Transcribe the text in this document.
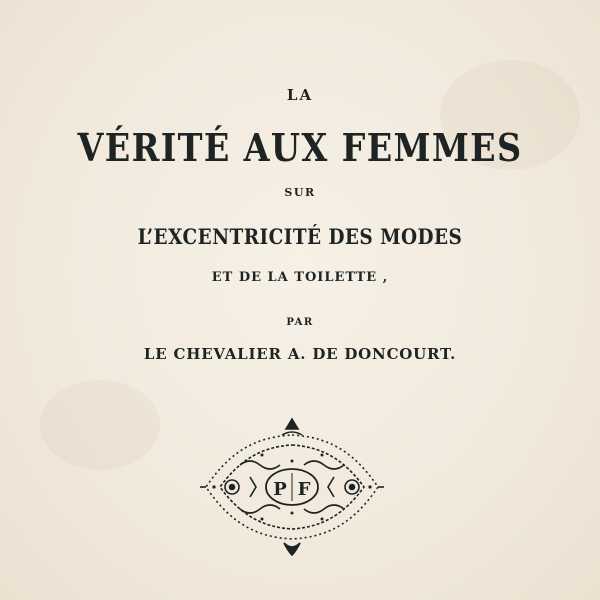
LA
VÉRITÉ AUX FEMMES
SUR
L’EXCENTRICITÉ DES MODES
ET DE LA TOILETTE ,
PAR
LE CHEVALIER A. DE DONCOURT.
P F
